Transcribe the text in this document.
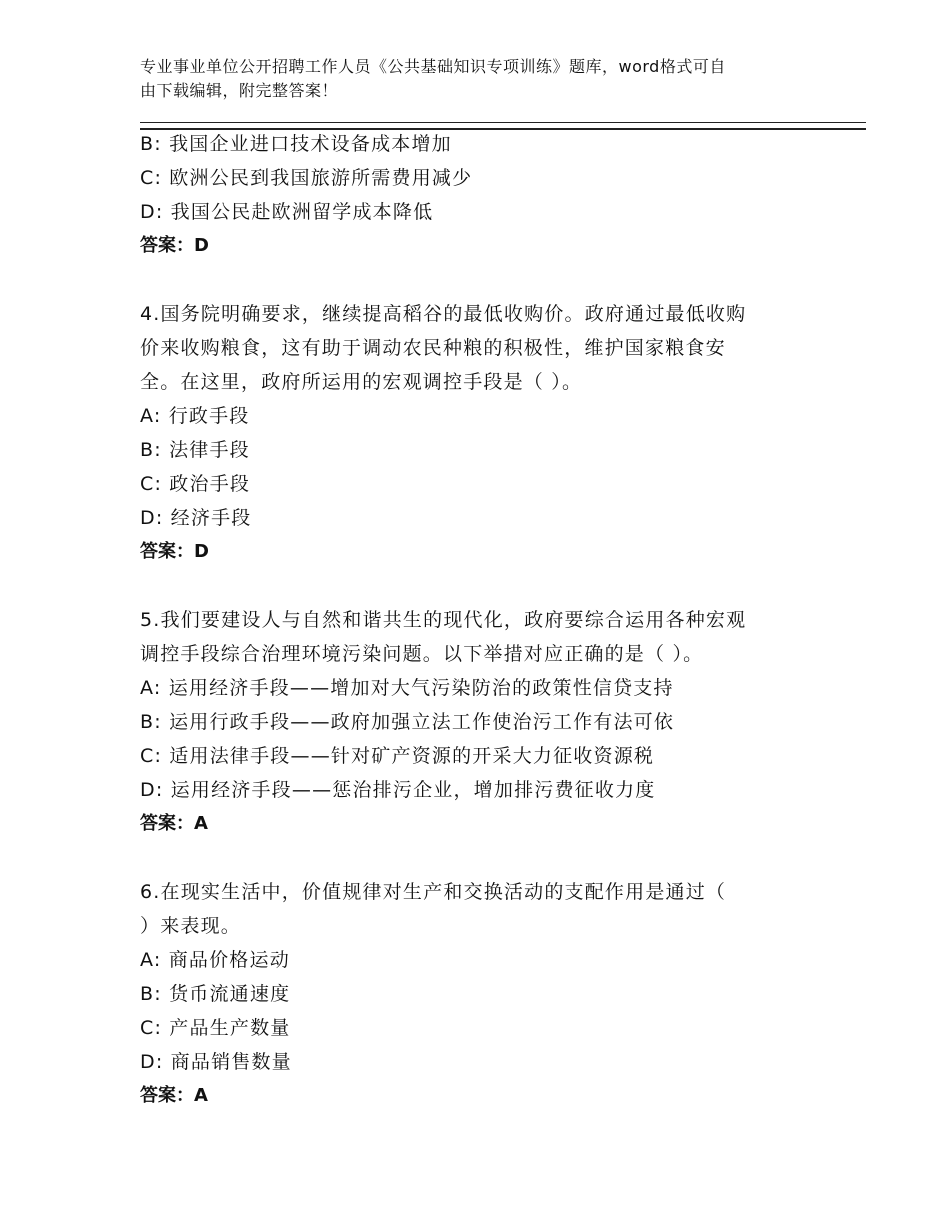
专业事业单位公开招聘工作人员《公共基础知识专项训练》题库，word格式可自
由下载编辑，附完整答案！
B: 我国企业进口技术设备成本增加
C: 欧洲公民到我国旅游所需费用减少
D: 我国公民赴欧洲留学成本降低
答案：D
4.国务院明确要求，继续提高稻谷的最低收购价。政府通过最低收购
价来收购粮食，这有助于调动农民种粮的积极性，维护国家粮食安
全。在这里，政府所运用的宏观调控手段是（ ）。
A: 行政手段
B: 法律手段
C: 政治手段
D: 经济手段
答案：D
5.我们要建设人与自然和谐共生的现代化，政府要综合运用各种宏观
调控手段综合治理环境污染问题。以下举措对应正确的是（ ）。
A: 运用经济手段——增加对大气污染防治的政策性信贷支持
B: 运用行政手段——政府加强立法工作使治污工作有法可依
C: 适用法律手段——针对矿产资源的开采大力征收资源税
D: 运用经济手段——惩治排污企业，增加排污费征收力度
答案：A
6.在现实生活中，价值规律对生产和交换活动的支配作用是通过（
）来表现。
A: 商品价格运动
B: 货币流通速度
C: 产品生产数量
D: 商品销售数量
答案：A
